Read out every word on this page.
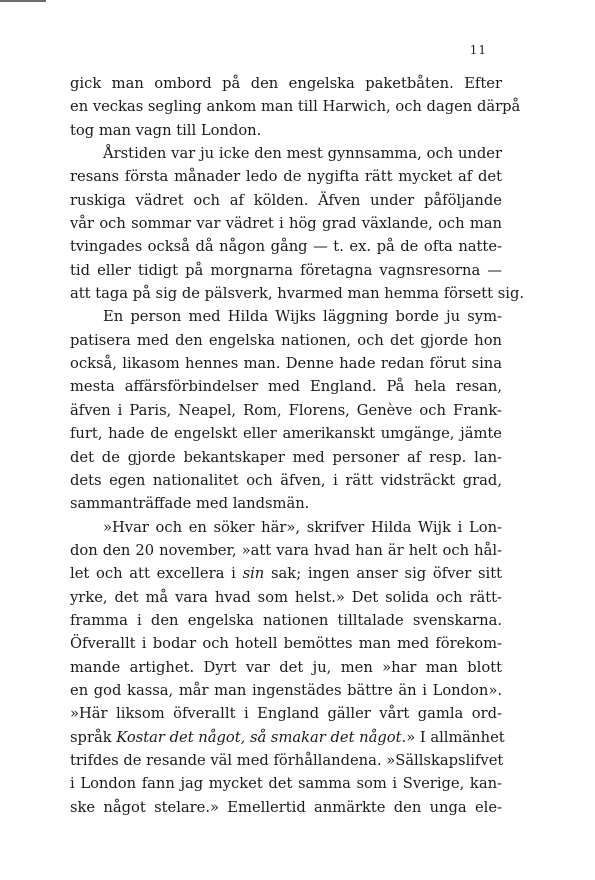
11
gick man ombord på den engelska paketbåten. Efter
en veckas segling ankom man till Harwich, och dagen därpå
tog man vagn till London.
Årstiden var ju icke den mest gynnsamma, och under
resans första månader ledo de nygifta rätt mycket af det
ruskiga vädret och af kölden. Äfven under påföljande
vår och sommar var vädret i hög grad växlande, och man
tvingades också då någon gång — t. ex. på de ofta natte-
tid eller tidigt på morgnarna företagna vagnsresorna —
att taga på sig de pälsverk, hvarmed man hemma försett sig.
En person med Hilda Wijks läggning borde ju sym-
patisera med den engelska nationen, och det gjorde hon
också, likasom hennes man. Denne hade redan förut sina
mesta affärsförbindelser med England. På hela resan,
äfven i Paris, Neapel, Rom, Florens, Genève och Frank-
furt, hade de engelskt eller amerikanskt umgänge, jämte
det de gjorde bekantskaper med personer af resp. lan-
dets egen nationalitet och äfven, i rätt vidsträckt grad,
sammanträffade med landsmän.
»Hvar och en söker här», skrifver Hilda Wijk i Lon-
don den 20 november, »att vara hvad han är helt och hål-
let och att excellera i sin sak; ingen anser sig öfver sitt
yrke, det må vara hvad som helst.» Det solida och rätt-
framma i den engelska nationen tilltalade svenskarna.
Öfverallt i bodar och hotell bemöttes man med förekom-
mande artighet. Dyrt var det ju, men »har man blott
en god kassa, mår man ingenstädes bättre än i London».
»Här liksom öfverallt i England gäller vårt gamla ord-
språk Kostar det något, så smakar det något.» I allmänhet
trifdes de resande väl med förhållandena. »Sällskapslifvet
i London fann jag mycket det samma som i Sverige, kan-
ske något stelare.» Emellertid anmärkte den unga ele-
